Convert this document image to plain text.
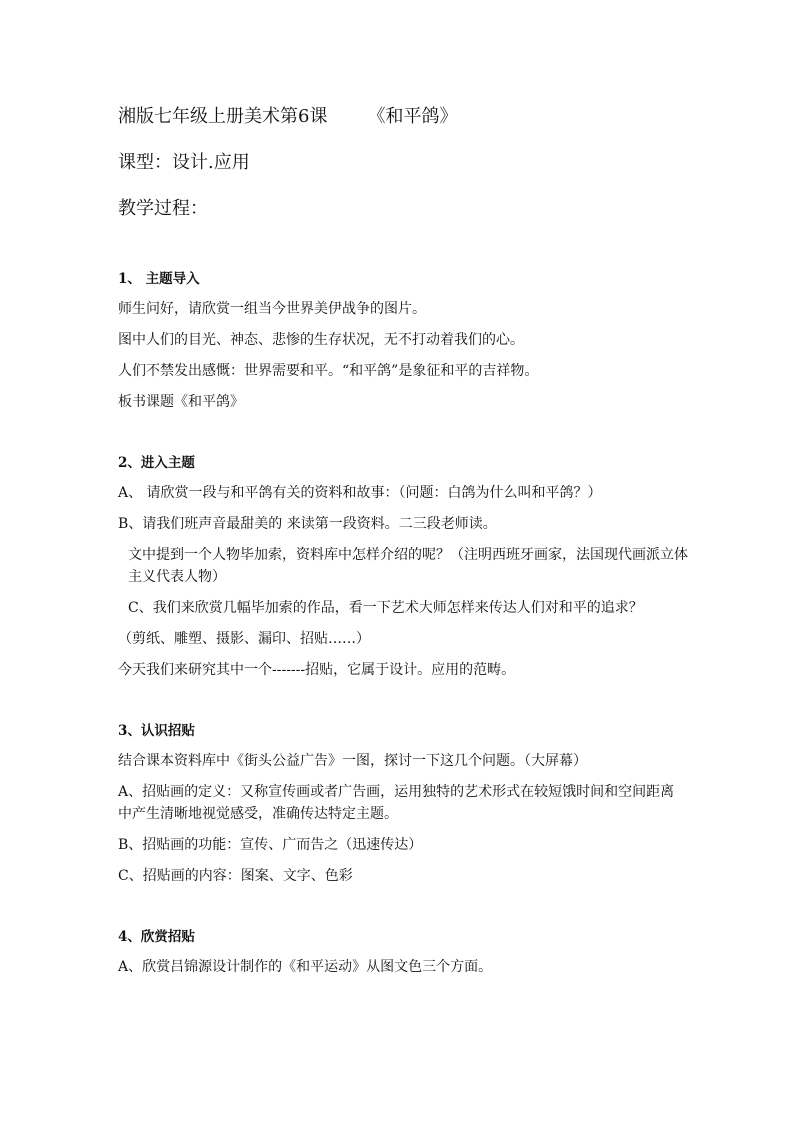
湘版七年级上册美术第6课 《和平鸽》
课型：设计.应用
教学过程：
1、 主题导入
师生问好，请欣赏一组当今世界美伊战争的图片。
图中人们的目光、神态、悲惨的生存状况，无不打动着我们的心。
人们不禁发出感慨：世界需要和平。“和平鸽”是象征和平的吉祥物。
板书课题《和平鸽》
2、进入主题
A、 请欣赏一段与和平鸽有关的资料和故事：（问题：白鸽为什么叫和平鸽？）
B、请我们班声音最甜美的 来读第一段资料。二三段老师读。
文中提到一个人物毕加索，资料库中怎样介绍的呢？（注明西班牙画家，法国现代画派立体主义代表人物）
C、我们来欣赏几幅毕加索的作品，看一下艺术大师怎样来传达人们对和平的追求？
（剪纸、雕塑、摄影、漏印、招贴……）
今天我们来研究其中一个-------招贴，它属于设计。应用的范畴。
3、认识招贴
结合课本资料库中《街头公益广告》一图，探讨一下这几个问题。（大屏幕）
A、招贴画的定义：又称宣传画或者广告画，运用独特的艺术形式在较短饿时间和空间距离中产生清晰地视觉感受，准确传达特定主题。
B、招贴画的功能：宣传、广而告之（迅速传达）
C、招贴画的内容：图案、文字、色彩
4、欣赏招贴
A、欣赏吕锦源设计制作的《和平运动》从图文色三个方面。
